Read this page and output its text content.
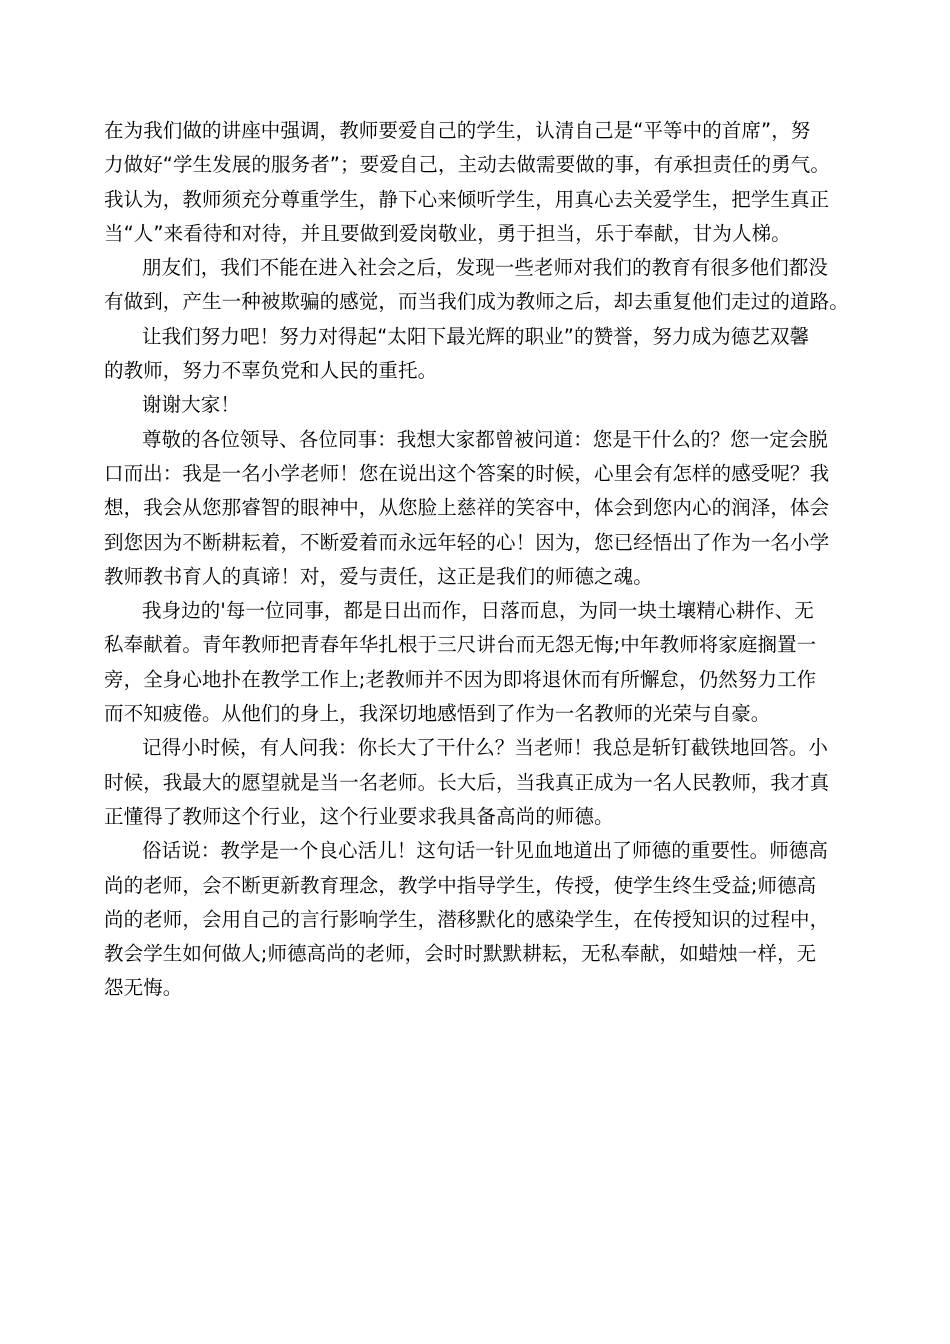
在为我们做的讲座中强调，教师要爱自己的学生，认清自己是“平等中的首席”，努
力做好“学生发展的服务者”；要爱自己，主动去做需要做的事，有承担责任的勇气。
我认为，教师须充分尊重学生，静下心来倾听学生，用真心去关爱学生，把学生真正
当“人”来看待和对待，并且要做到爱岗敬业，勇于担当，乐于奉献，甘为人梯。
朋友们，我们不能在进入社会之后，发现一些老师对我们的教育有很多他们都没
有做到，产生一种被欺骗的感觉，而当我们成为教师之后，却去重复他们走过的道路。
让我们努力吧！努力对得起“太阳下最光辉的职业”的赞誉，努力成为德艺双馨
的教师，努力不辜负党和人民的重托。
谢谢大家！
尊敬的各位领导、各位同事：我想大家都曾被问道：您是干什么的？您一定会脱
口而出：我是一名小学老师！您在说出这个答案的时候，心里会有怎样的感受呢？我
想，我会从您那睿智的眼神中，从您脸上慈祥的笑容中，体会到您内心的润泽，体会
到您因为不断耕耘着，不断爱着而永远年轻的心！因为，您已经悟出了作为一名小学
教师教书育人的真谛！对，爱与责任，这正是我们的师德之魂。
我身边的'每一位同事，都是日出而作，日落而息，为同一块土壤精心耕作、无
私奉献着。青年教师把青春年华扎根于三尺讲台而无怨无悔;中年教师将家庭搁置一
旁，全身心地扑在教学工作上;老教师并不因为即将退休而有所懈怠，仍然努力工作
而不知疲倦。从他们的身上，我深切地感悟到了作为一名教师的光荣与自豪。
记得小时候，有人问我：你长大了干什么？当老师！我总是斩钉截铁地回答。小
时候，我最大的愿望就是当一名老师。长大后，当我真正成为一名人民教师，我才真
正懂得了教师这个行业，这个行业要求我具备高尚的师德。
俗话说：教学是一个良心活儿！这句话一针见血地道出了师德的重要性。师德高
尚的老师，会不断更新教育理念，教学中指导学生，传授，使学生终生受益;师德高
尚的老师，会用自己的言行影响学生，潜移默化的感染学生，在传授知识的过程中，
教会学生如何做人;师德高尚的老师，会时时默默耕耘，无私奉献，如蜡烛一样，无
怨无悔。
